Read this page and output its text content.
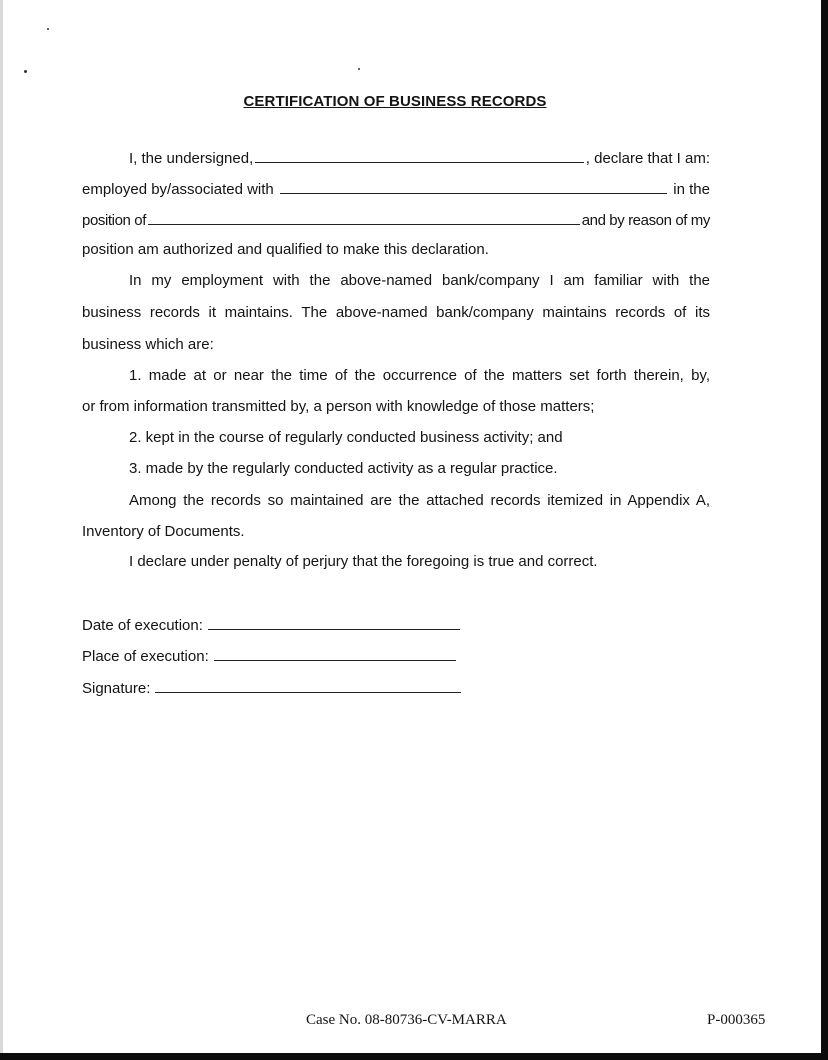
CERTIFICATION OF BUSINESS RECORDS
I, the undersigned,	, declare that I am:
employed by/associated with	in the
position of	and by reason of my
position am authorized and qualified to make this declaration.
In my employment with the above-named bank/company I am familiar with the
business records it maintains. The above-named bank/company maintains records of its
business which are:
1. made at or near the time of the occurrence of the matters set forth therein, by,
or from information transmitted by, a person with knowledge of those matters;
2. kept in the course of regularly conducted business activity; and
3. made by the regularly conducted activity as a regular practice.
Among the records so maintained are the attached records itemized in Appendix A,
Inventory of Documents.
I declare under penalty of perjury that the foregoing is true and correct.
Date of execution:
Place of execution:
Signature:
Case No. 08-80736-CV-MARRA	P-000365
